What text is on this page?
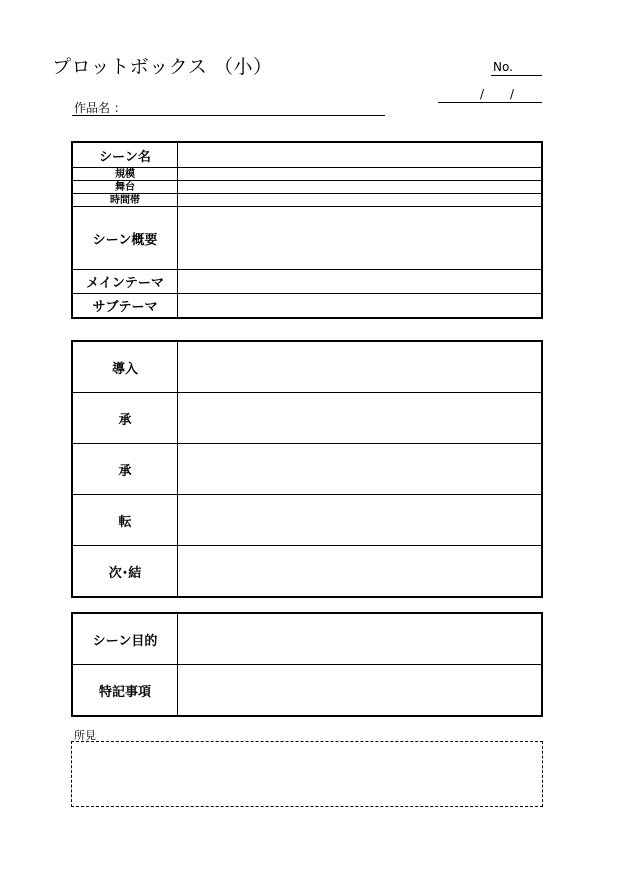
プロットボックス （小）	No.
/ /
作品名 ：
シーン名	
規模	
舞台	
時間帯	
シーン概要	
メインテーマ	
サブテーマ	
導入	
承	
承	
転	
次･結	
シーン目的	
特記事項	
所見
